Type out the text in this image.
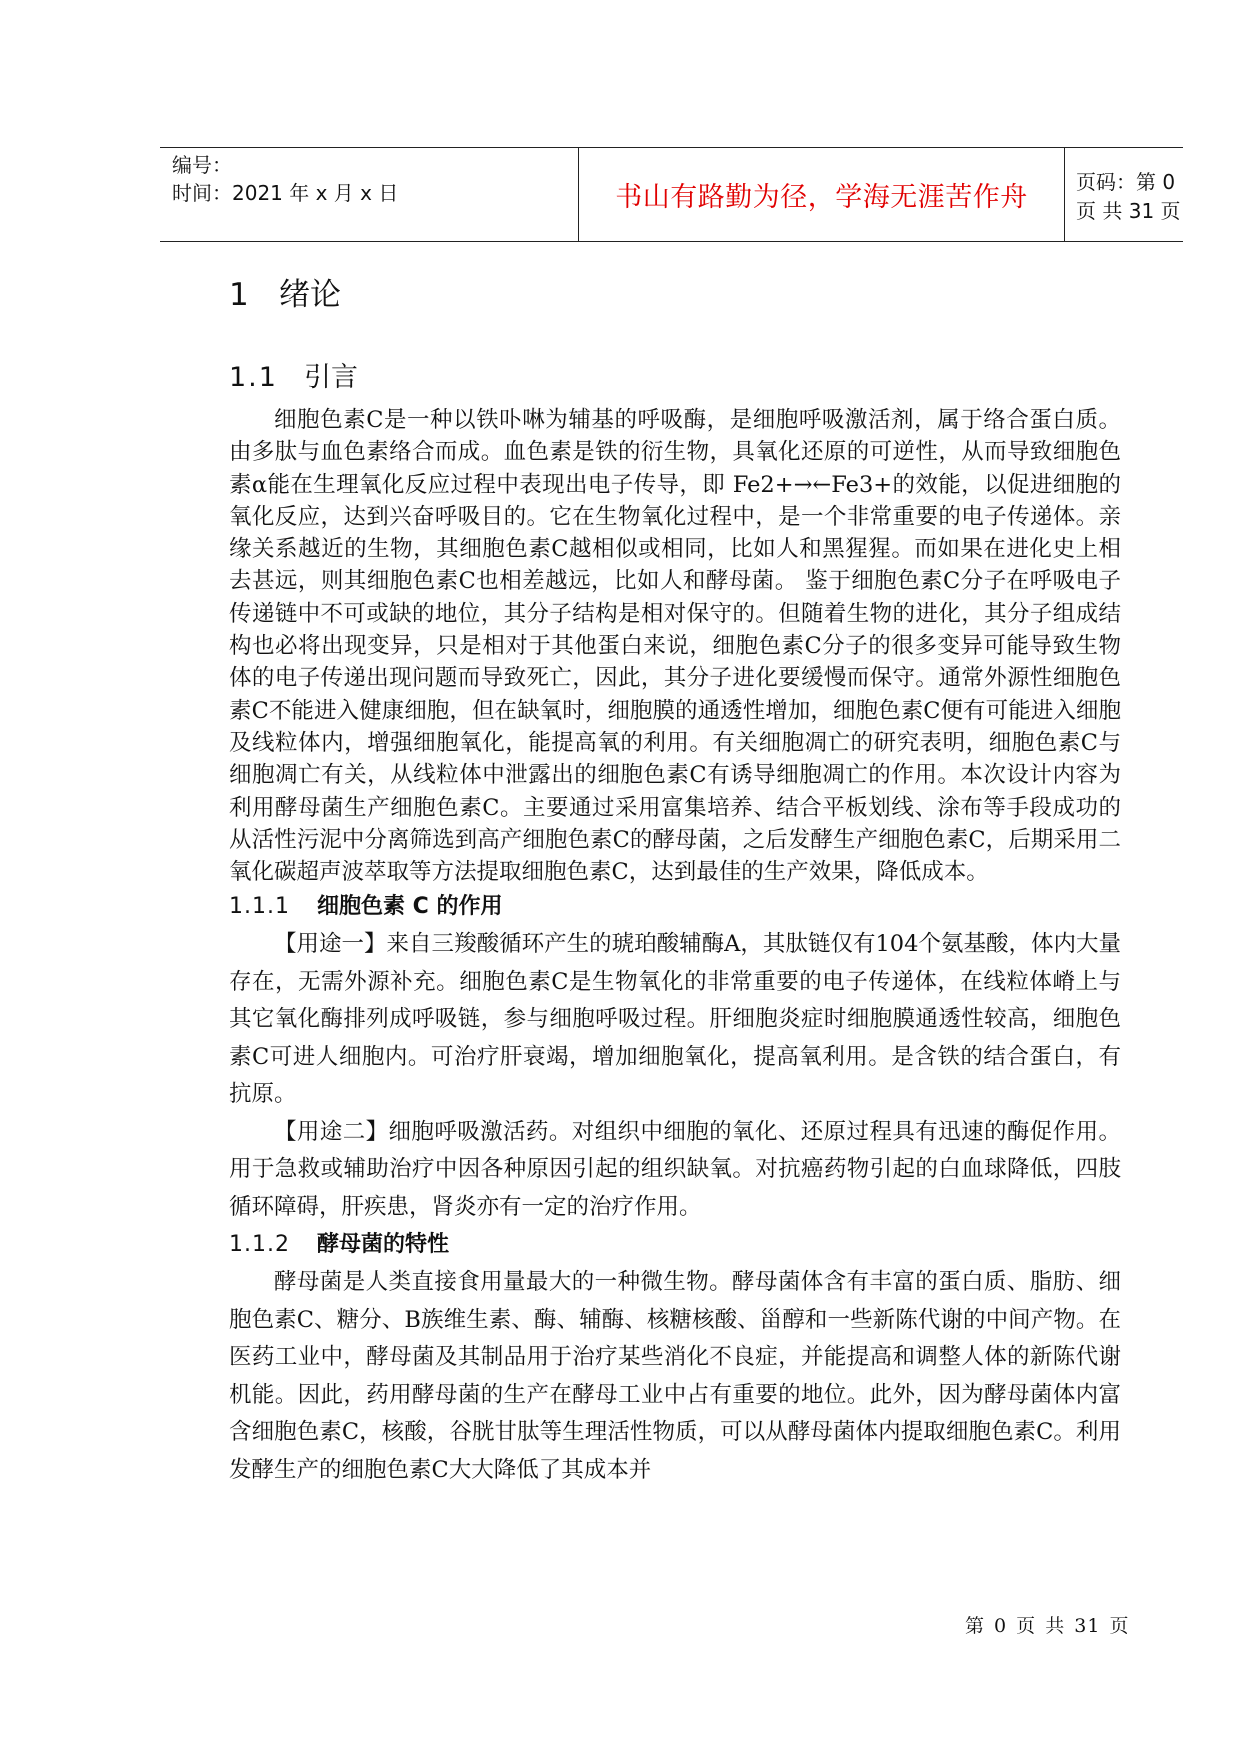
编号：
时间：2021 年 x 月 x 日	书山有路勤为径，学海无涯苦作舟
页码：第 0 页 共 31 页
1 绪论
1.1 引言

细胞色素C是一种以铁卟啉为辅基的呼吸酶，是细胞呼吸激活剂，属于络合蛋白质。由多肽与血色素络合而成。血色素是铁的衍生物，具氧化还原的可逆性，从而导致细胞色素α能在生理氧化反应过程中表现出电子传导，即 Fe2+→←Fe3+的效能，以促进细胞的氧化反应，达到兴奋呼吸目的。它在生物氧化过程中，是一个非常重要的电子传递体。亲缘关系越近的生物，其细胞色素C越相似或相同，比如人和黑猩猩。而如果在进化史上相去甚远，则其细胞色素C也相差越远，比如人和酵母菌。 鉴于细胞色素C分子在呼吸电子传递链中不可或缺的地位，其分子结构是相对保守的。但随着生物的进化，其分子组成结构也必将出现变异，只是相对于其他蛋白来说，细胞色素C分子的很多变异可能导致生物体的电子传递出现问题而导致死亡，因此，其分子进化要缓慢而保守。通常外源性细胞色素C不能进入健康细胞，但在缺氧时，细胞膜的通透性增加，细胞色素C便有可能进入细胞及线粒体内，增强细胞氧化，能提高氧的利用。有关细胞凋亡的研究表明，细胞色素C与细胞凋亡有关，从线粒体中泄露出的细胞色素C有诱导细胞凋亡的作用。本次设计内容为利用酵母菌生产细胞色素C。主要通过采用富集培养、结合平板划线、涂布等手段成功的从活性污泥中分离筛选到高产细胞色素C的酵母菌，之后发酵生产细胞色素C，后期采用二氧化碳超声波萃取等方法提取细胞色素C，达到最佳的生产效果，降低成本。

1.1.1 细胞色素 C 的作用

【用途一】来自三羧酸循环产生的琥珀酸辅酶A，其肽链仅有104个氨基酸，体内大量存在，无需外源补充。细胞色素C是生物氧化的非常重要的电子传递体，在线粒体嵴上与其它氧化酶排列成呼吸链，参与细胞呼吸过程。肝细胞炎症时细胞膜通透性较高，细胞色素C可进人细胞内。可治疗肝衰竭，增加细胞氧化，提高氧利用。是含铁的结合蛋白，有抗原。

【用途二】细胞呼吸激活药。对组织中细胞的氧化、还原过程具有迅速的酶促作用。用于急救或辅助治疗中因各种原因引起的组织缺氧。对抗癌药物引起的白血球降低，四肢循环障碍，肝疾患，肾炎亦有一定的治疗作用。

1.1.2 酵母菌的特性

酵母菌是人类直接食用量最大的一种微生物。酵母菌体含有丰富的蛋白质、脂肪、细胞色素C、糖分、B族维生素、酶、辅酶、核糖核酸、甾醇和一些新陈代谢的中间产物。在医药工业中，酵母菌及其制品用于治疗某些消化不良症，并能提高和调整人体的新陈代谢机能。因此，药用酵母菌的生产在酵母工业中占有重要的地位。此外，因为酵母菌体内富含细胞色素C，核酸，谷胱甘肽等生理活性物质，可以从酵母菌体内提取细胞色素C。利用发酵生产的细胞色素C大大降低了其成本并

第 0 页 共 31 页
